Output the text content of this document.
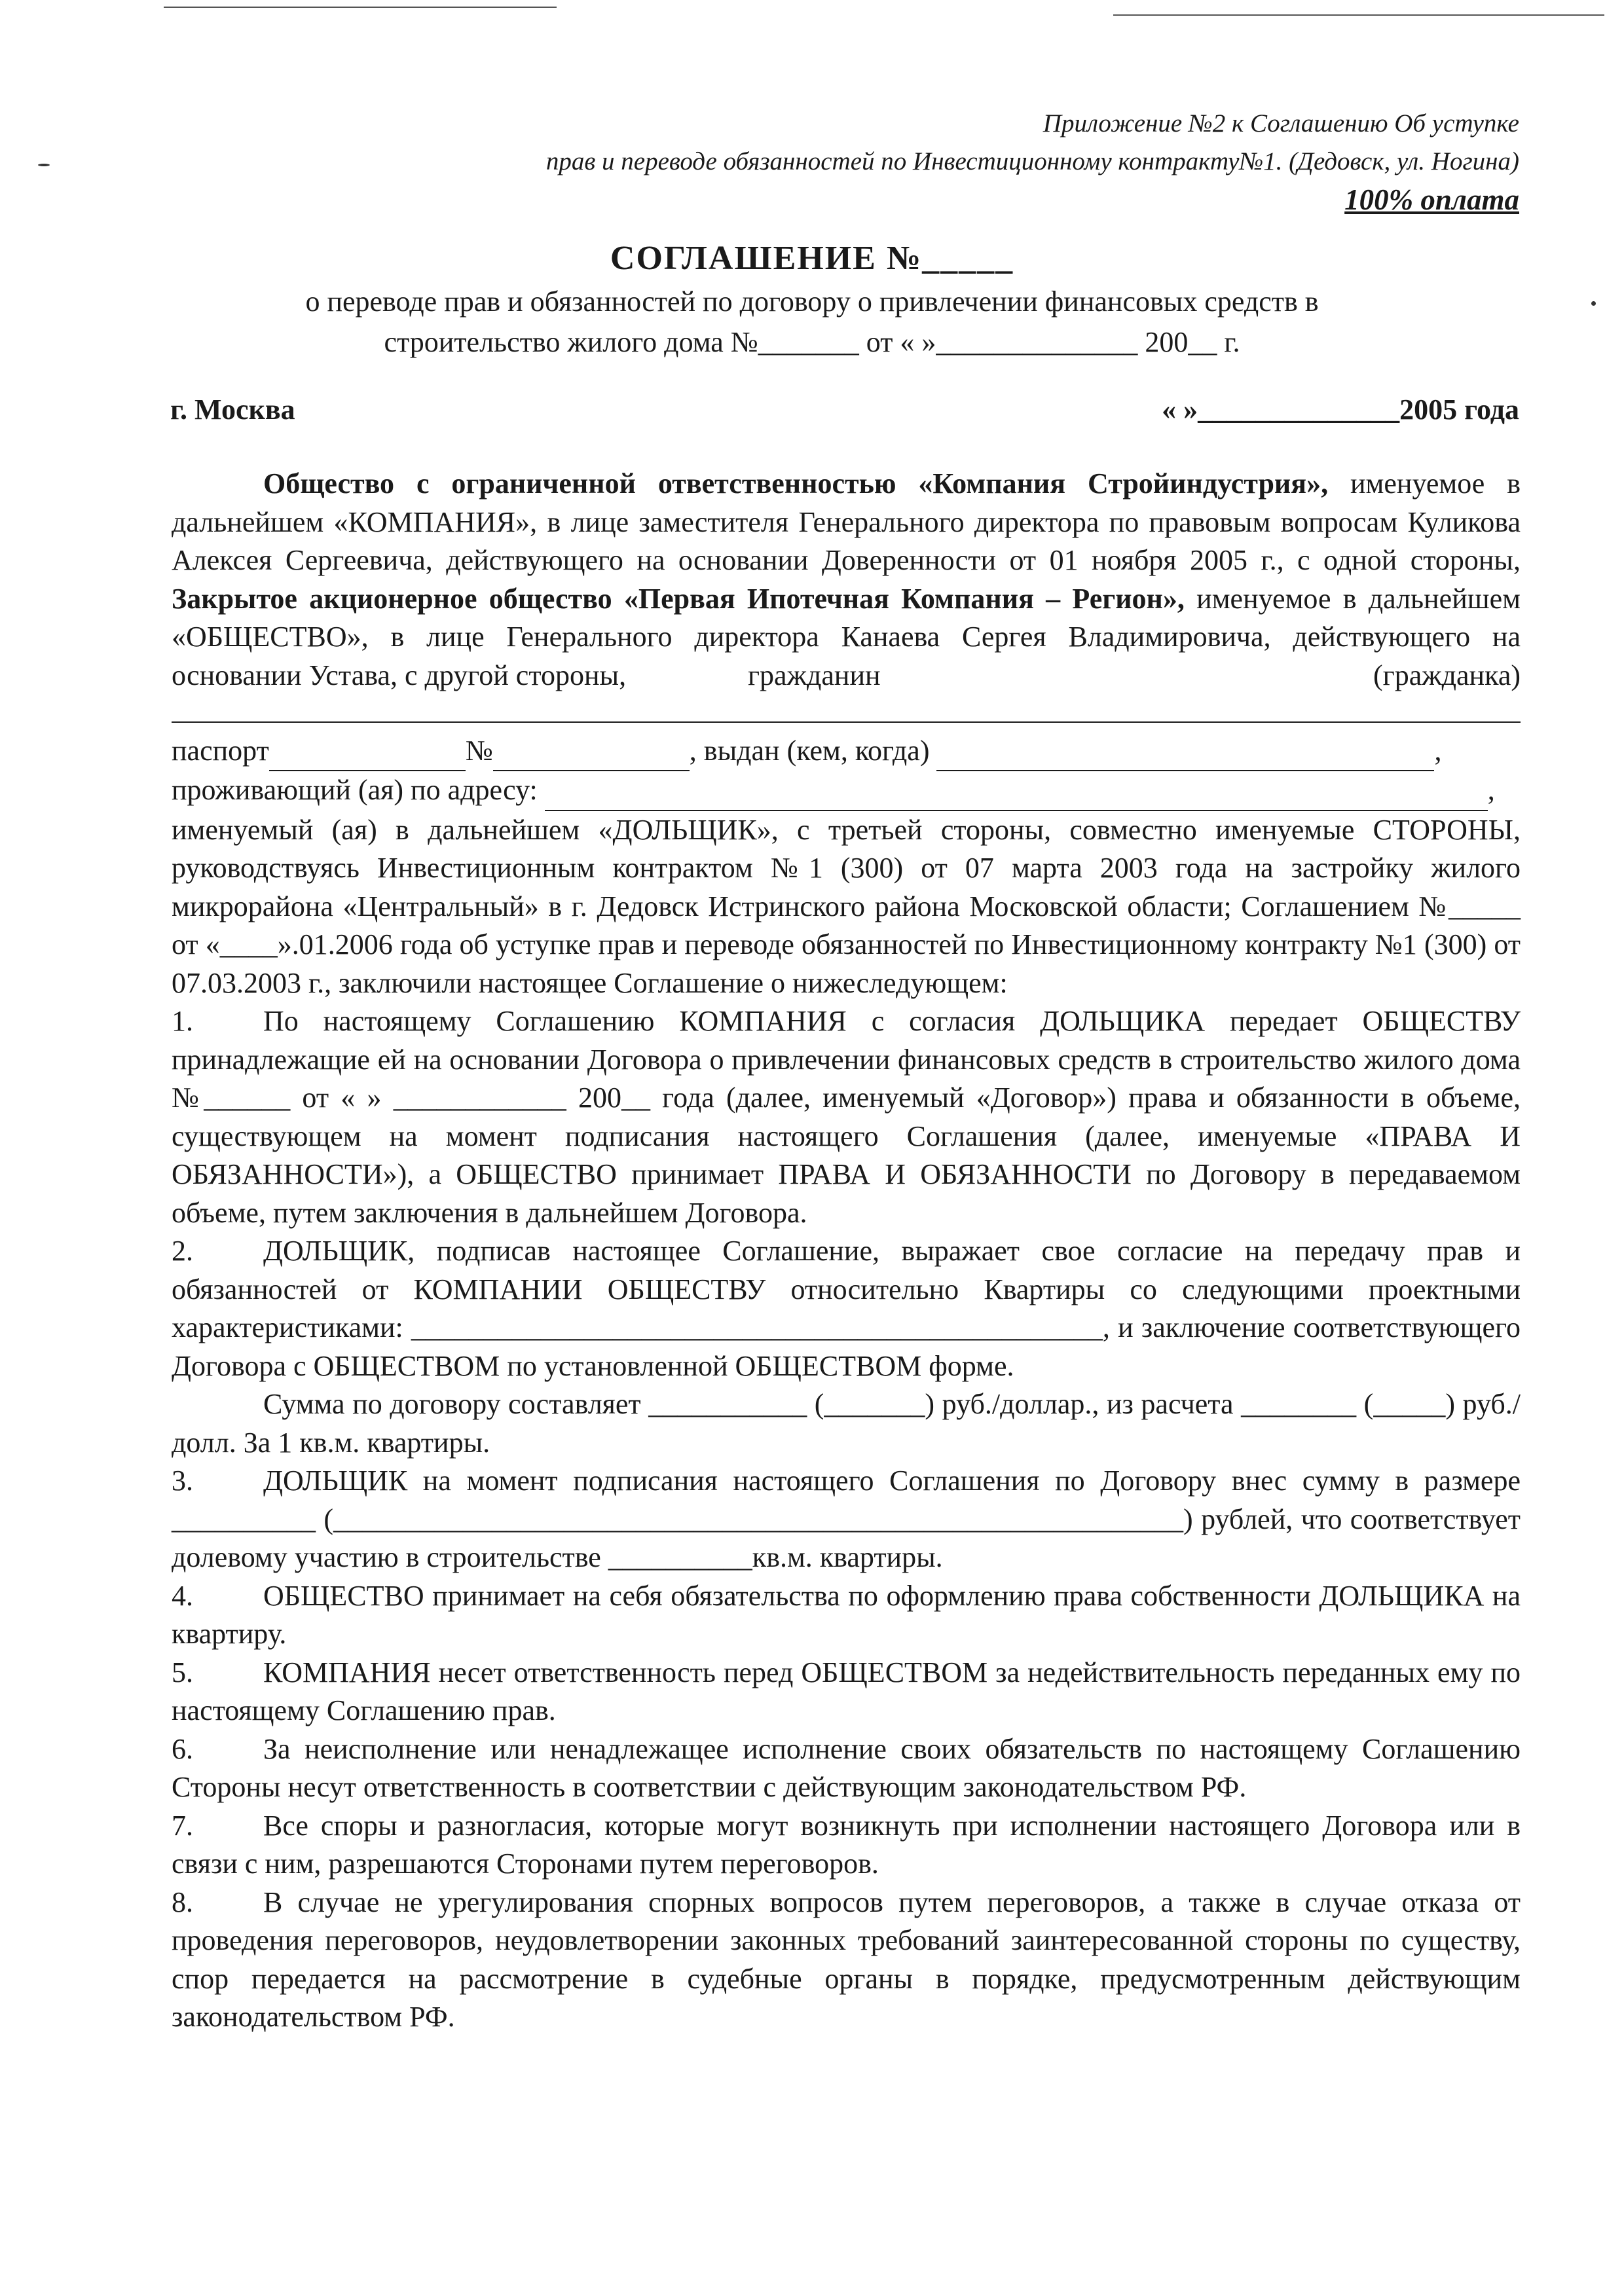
Приложение №2 к Соглашению Об уступке
прав и переводе обязанностей по Инвестиционному контракту№1. (Дедовск, ул. Ногина)
100% оплата
СОГЛАШЕНИЕ №_____
о переводе прав и обязанностей по договору о привлечении финансовых средств в
строительство жилого дома №_______ от « »______________ 200__ г.
г. Москва	« »______________2005 года

Общество с ограниченной ответственностью «Компания Стройиндустрия», именуемое в дальнейшем «КОМПАНИЯ», в лице заместителя Генерального директора по правовым вопросам Куликова Алексея Сергеевича, действующего на основании Доверенности от 01 ноября 2005 г., с одной стороны, Закрытое акционерное общество «Первая Ипотечная Компания – Регион», именуемое в дальнейшем «ОБЩЕСТВО», в лице Генерального директора Канаева Сергея Владимировича, действующего на основании Устава, с другой стороны,	гражданин	(гражданка)
паспорт	№	, выдан (кем, когда)	,
проживающий (ая) по адресу:	,

именуемый (ая) в дальнейшем «ДОЛЬЩИК», с третьей стороны, совместно именуемые СТОРОНЫ, руководствуясь Инвестиционным контрактом №1 (300) от 07 марта 2003 года на застройку жилого микрорайона «Центральный» в г. Дедовск Истринского района Московской области; Соглашением №_____ от «____».01.2006 года об уступке прав и переводе обязанностей по Инвестиционному контракту №1 (300) от 07.03.2003 г., заключили настоящее Соглашение о нижеследующем:

1. По настоящему Соглашению КОМПАНИЯ с согласия ДОЛЬЩИКА передает ОБЩЕСТВУ принадлежащие ей на основании Договора о привлечении финансовых средств в строительство жилого дома №______ от « » ____________ 200__ года (далее, именуемый «Договор») права и обязанности в объеме, существующем на момент подписания настоящего Соглашения (далее, именуемые «ПРАВА И ОБЯЗАННОСТИ»), а ОБЩЕСТВО принимает ПРАВА И ОБЯЗАННОСТИ по Договору в передаваемом объеме, путем заключения в дальнейшем Договора.

2. ДОЛЬЩИК, подписав настоящее Соглашение, выражает свое согласие на передачу прав и обязанностей от КОМПАНИИ ОБЩЕСТВУ относительно Квартиры со следующими проектными характеристиками: ________________________________________________, и заключение соответствующего Договора с ОБЩЕСТВОМ по установленной ОБЩЕСТВОМ форме.

Сумма по договору составляет ___________ (_______) руб./доллар., из расчета ________ (_____) руб./долл. За 1 кв.м. квартиры.

3. ДОЛЬЩИК на момент подписания настоящего Соглашения по Договору внес сумму в размере __________ (___________________________________________________________) рублей, что соответствует долевому участию в строительстве __________кв.м. квартиры.

4. ОБЩЕСТВО принимает на себя обязательства по оформлению права собственности ДОЛЬЩИКА на квартиру.

5. КОМПАНИЯ несет ответственность перед ОБЩЕСТВОМ за недействительность переданных ему по настоящему Соглашению прав.

6. За неисполнение или ненадлежащее исполнение своих обязательств по настоящему Соглашению Стороны несут ответственность в соответствии с действующим законодательством РФ.

7. Все споры и разногласия, которые могут возникнуть при исполнении настоящего Договора или в связи с ним, разрешаются Сторонами путем переговоров.

8. В случае не урегулирования спорных вопросов путем переговоров, а также в случае отказа от проведения переговоров, неудовлетворении законных требований заинтересованной стороны по существу, спор передается на рассмотрение в судебные органы в порядке, предусмотренным действующим законодательством РФ.
